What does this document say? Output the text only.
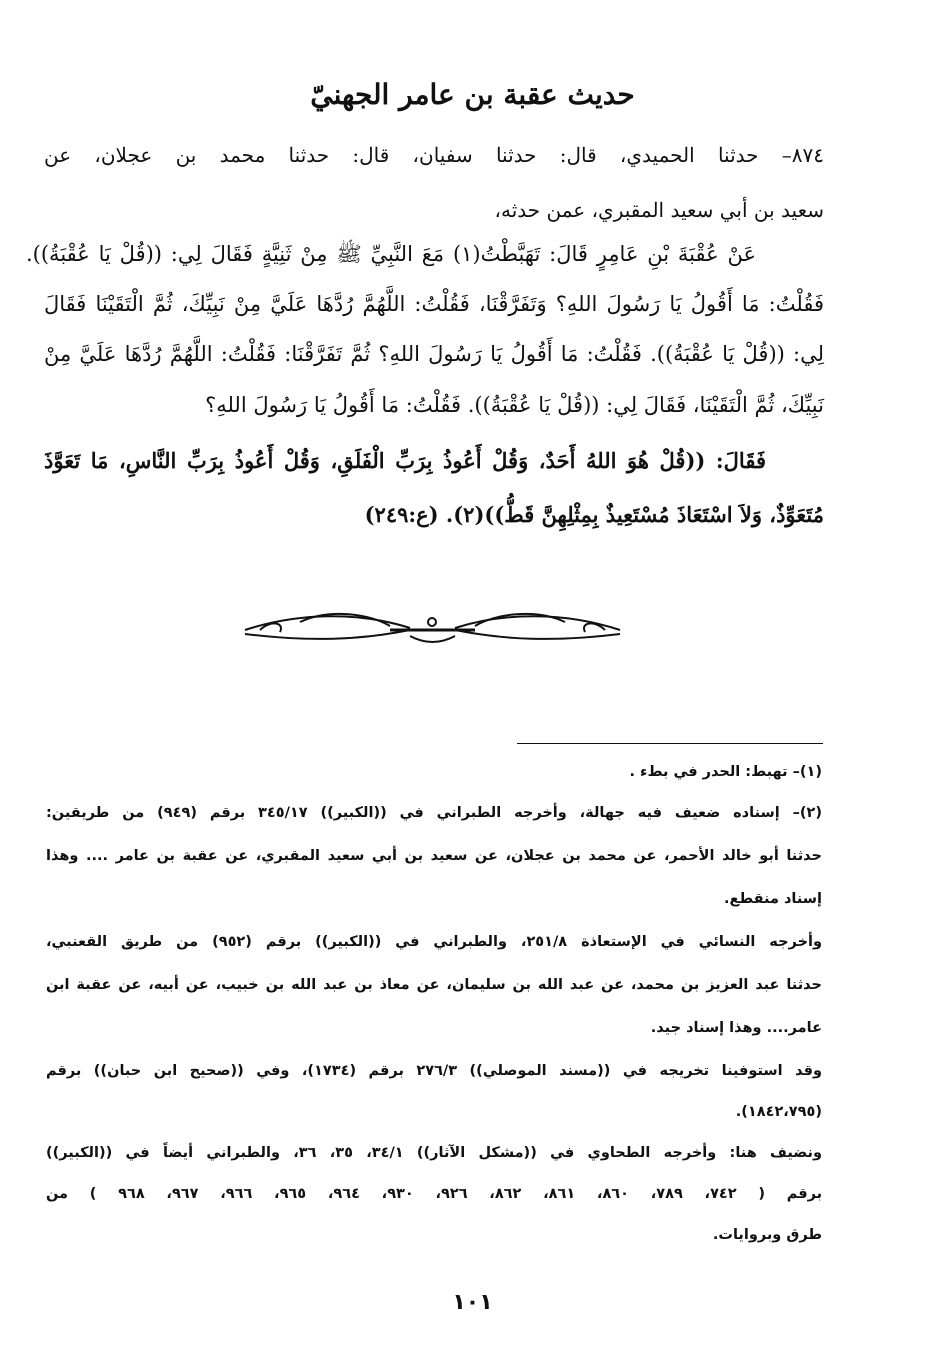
حديث عقبة بن عامر الجهنيّ
٨٧٤– حدثنا الحميدي، قال: حدثنا سفيان، قال: حدثنا محمد بن عجلان، عن
سعيد بن أبي سعيد المقبري، عمن حدثه،
عَنْ عُقْبَةَ بْنِ عَامِرٍ قَالَ: تَهَبَّطْتُ(١) مَعَ النَّبِيِّ ﷺ مِنْ ثَنِيَّةٍ فَقَالَ لِي: ((قُلْ يَا عُقْبَةُ)).
فَقُلْتُ: مَا أَقُولُ يَا رَسُولَ اللهِ؟ وَتَفَرَّقْنَا، فَقُلْتُ: اللَّهُمَّ رُدَّهَا عَلَيَّ مِنْ نَبِيِّكَ، ثُمَّ الْتَقَيْنَا فَقَالَ
لِي: ((قُلْ يَا عُقْبَةُ)). فَقُلْتُ: مَا أَقُولُ يَا رَسُولَ اللهِ؟ ثُمَّ تَفَرَّقْنَا: فَقُلْتُ: اللَّهُمَّ رُدَّهَا عَلَيَّ مِنْ
نَبِيِّكَ، ثُمَّ الْتَقَيْنَا، فَقَالَ لِي: ((قُلْ يَا عُقْبَةُ)). فَقُلْتُ: مَا أَقُولُ يَا رَسُولَ اللهِ؟
فَقَالَ: ((قُلْ هُوَ اللهُ أَحَدٌ، وَقُلْ أَعُوذُ بِرَبِّ الْفَلَقِ، وَقُلْ أَعُوذُ بِرَبِّ النَّاسِ، مَا تَعَوَّذَ
مُتَعَوِّذٌ، وَلاَ اسْتَعَاذَ مُسْتَعِيذٌ بِمِثْلِهِنَّ قَطُّ))(٢). (ع:٢٤٩)
(١)– تهبط: الحدر في بطء .
(٢)– إسناده ضعيف فيه جهالة، وأخرجه الطبراني في ((الكبير)) ٣٤٥/١٧ برقم (٩٤٩) من طريقين:
حدثنا أبو خالد الأحمر، عن محمد بن عجلان، عن سعيد بن أبي سعيد المقبري، عن عقبة بن عامر .... وهذا
إسناد منقطع.
وأخرجه النسائي في الإستعاذة ٢٥١/٨، والطبراني في ((الكبير)) برقم (٩٥٢) من طريق القعنبي،
حدثنا عبد العزيز بن محمد، عن عبد الله بن سليمان، عن معاذ بن عبد الله بن خبيب، عن أبيه، عن عقبة ابن
عامر.... وهذا إسناد جيد.
وقد استوفينا تخريجه في ((مسند الموصلي)) ٢٧٦/٣ برقم (١٧٣٤)، وفي ((صحيح ابن حبان)) برقم
(١٨٤٢،٧٩٥).
ونضيف هنا: وأخرجه الطحاوي في ((مشكل الآثار)) ٣٤/١، ٣٥، ٣٦، والطبراني أيضاً في ((الكبير))
برقم ( ٧٤٢، ٧٨٩، ٨٦٠، ٨٦١، ٨٦٢، ٩٢٦، ٩٣٠، ٩٦٤، ٩٦٥، ٩٦٦، ٩٦٧، ٩٦٨ ) من
طرق وبروايات.
١٠١
